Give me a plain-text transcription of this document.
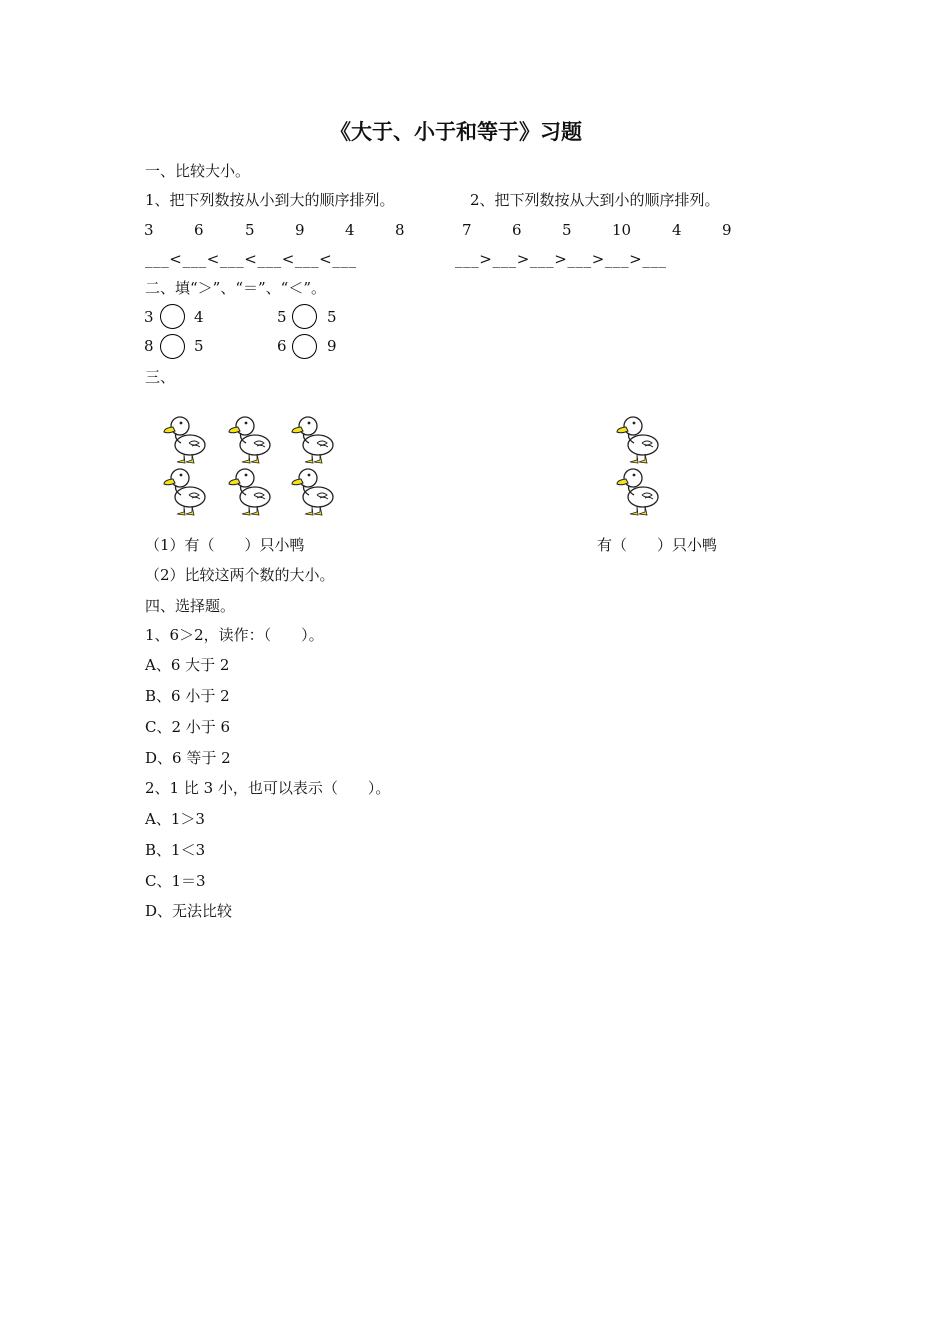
《大于、小于和等于》习题
一、比较大小。
1、把下列数按从小到大的顺序排列。	2、把下列数按从大到小的顺序排列。
3	6	5	9	4	8	7	6	5	10	4	9
___<___<___<___<___<___	___>___>___>___>___>___
二、填“＞”、“＝”、“＜”。
3	4	5	5
8	5	6	9
三、
（1）有（　　）只小鸭	有（　　）只小鸭
（2）比较这两个数的大小。
四、选择题。
1、6＞2，读作：（　　）。
A、6 大于 2
B、6 小于 2
C、2 小于 6
D、6 等于 2
2、1 比 3 小，也可以表示（　　）。
A、1＞3
B、1＜3
C、1＝3
D、无法比较
